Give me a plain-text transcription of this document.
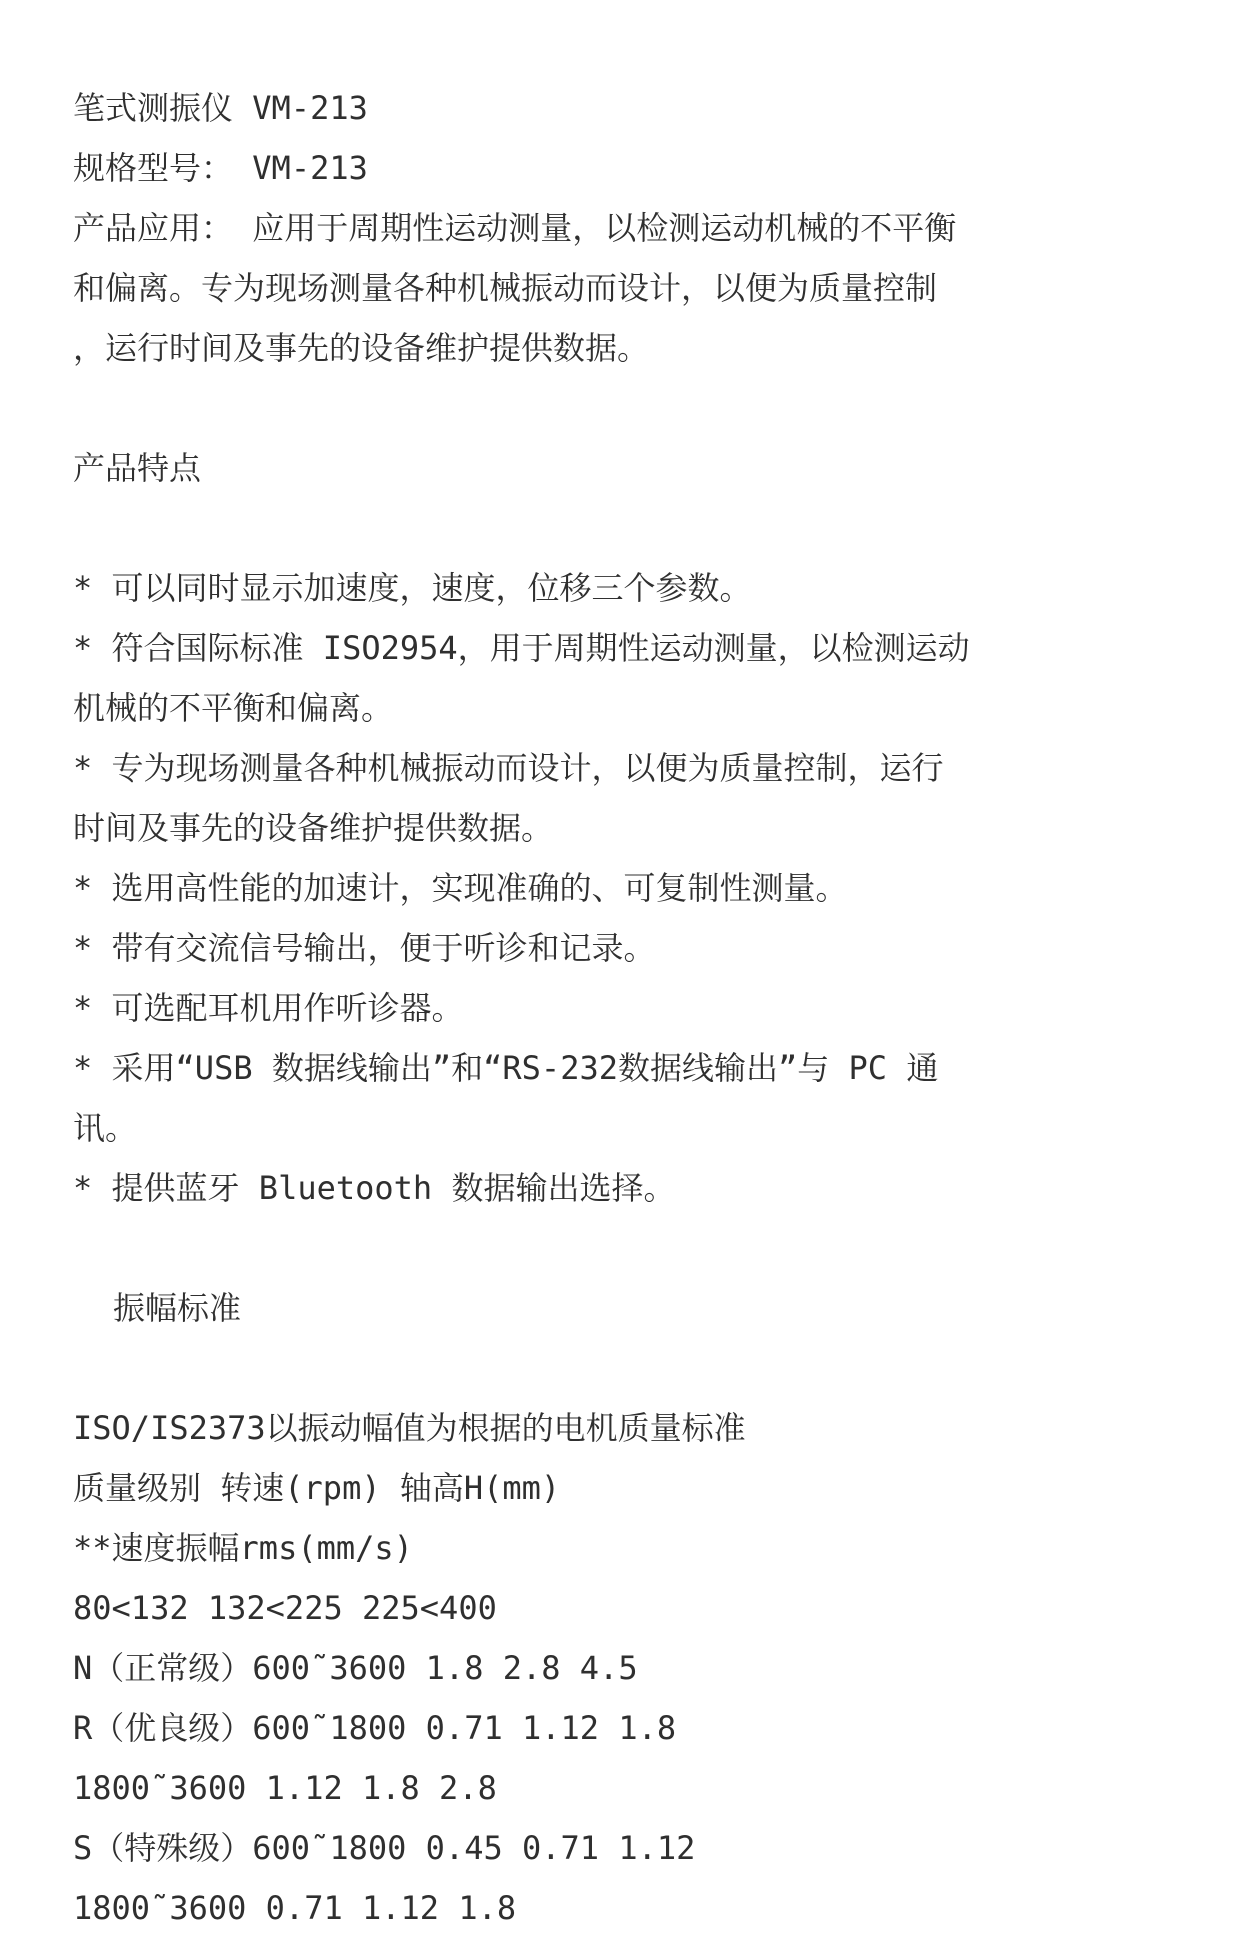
笔式测振仪 VM-213
规格型号： VM-213
产品应用： 应用于周期性运动测量，以检测运动机械的不平衡
和偏离。专为现场测量各种机械振动而设计，以便为质量控制
，运行时间及事先的设备维护提供数据。
产品特点
* 可以同时显示加速度，速度，位移三个参数。
* 符合国际标准 ISO2954，用于周期性运动测量，以检测运动
机械的不平衡和偏离。
* 专为现场测量各种机械振动而设计，以便为质量控制，运行
时间及事先的设备维护提供数据。
* 选用高性能的加速计，实现准确的、可复制性测量。
* 带有交流信号输出，便于听诊和记录。
* 可选配耳机用作听诊器。
* 采用“USB 数据线输出”和“RS-232数据线输出”与 PC 通
讯。
* 提供蓝牙 Bluetooth 数据输出选择。
振幅标准
ISO/IS2373以振动幅值为根据的电机质量标准
质量级别 转速(rpm) 轴高H(mm)
**速度振幅rms(mm/s)
80<132 132<225 225<400
N（正常级）600˜3600 1.8 2.8 4.5
R（优良级）600˜1800 0.71 1.12 1.8
1800˜3600 1.12 1.8 2.8
S（特殊级）600˜1800 0.45 0.71 1.12
1800˜3600 0.71 1.12 1.8
